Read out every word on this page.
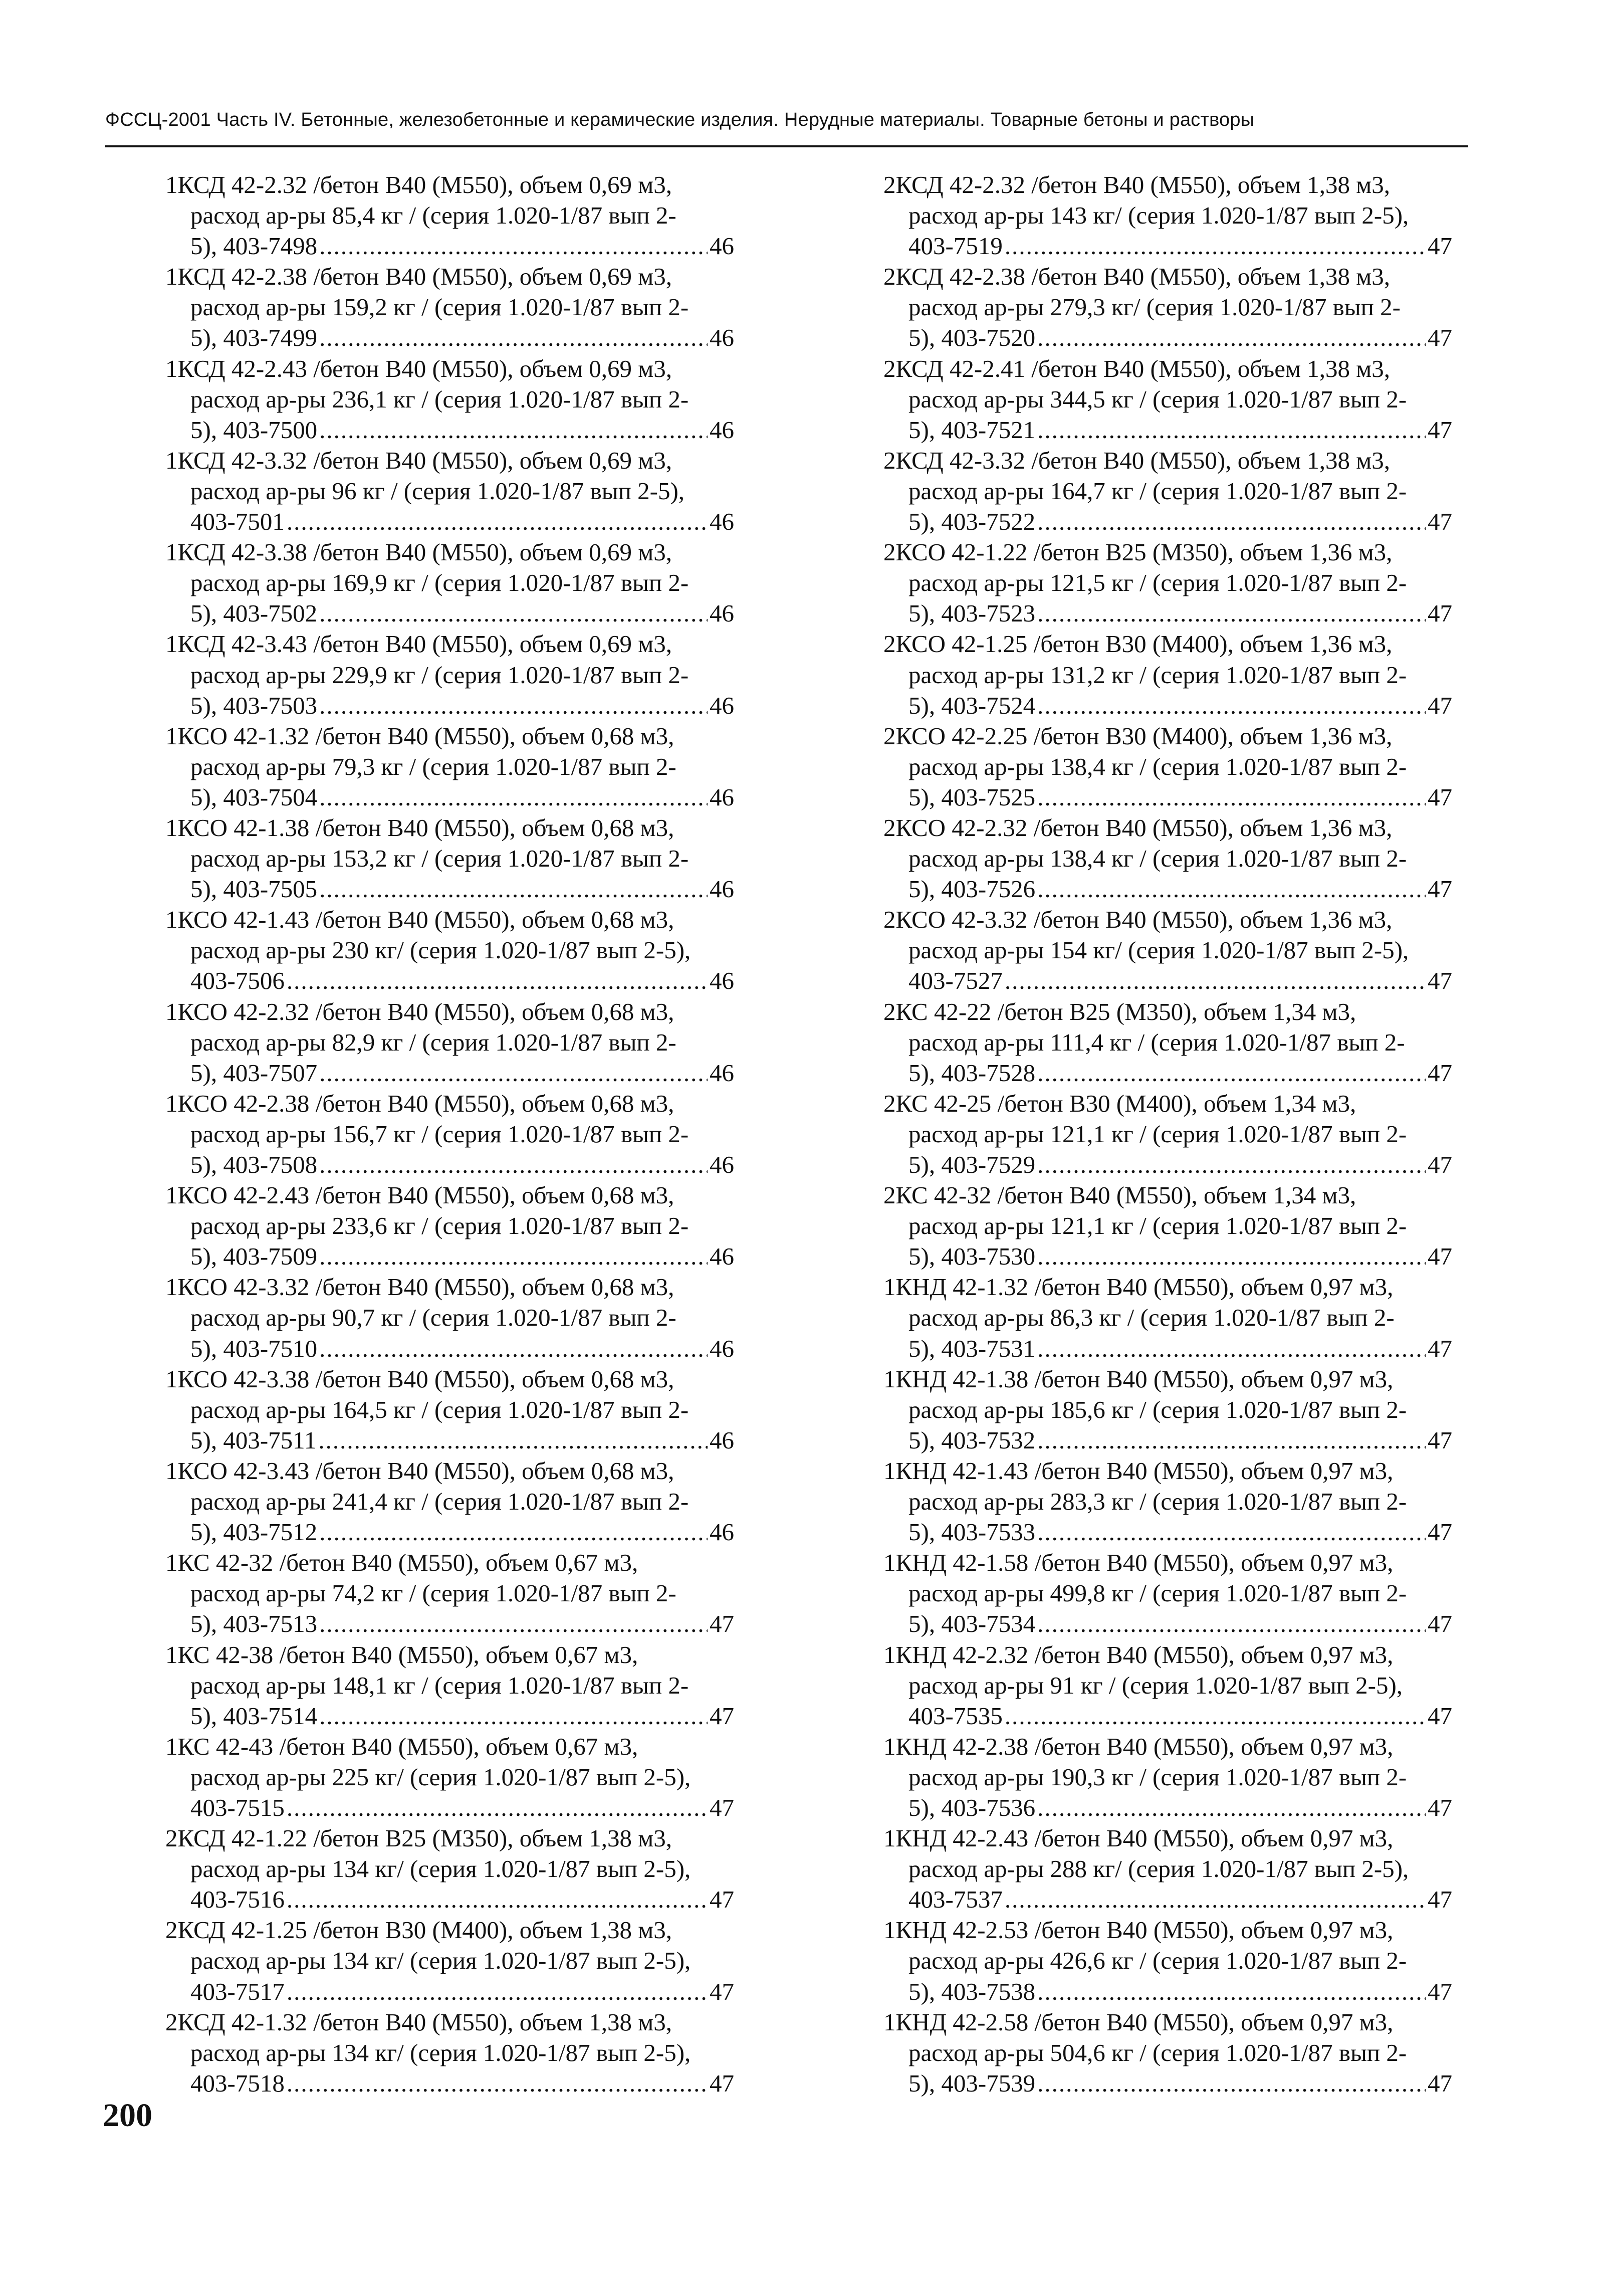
ФССЦ-2001 Часть IV. Бетонные, железобетонные и керамические изделия. Нерудные материалы. Товарные бетоны и растворы
1КСД 42-2.32 /бетон В40 (М550), объем 0,69 м3,
расход ар-ры 85,4 кг / (серия 1.020-1/87 вып 2-
5), 403-7498 .....	46
1КСД 42-2.38 /бетон В40 (М550), объем 0,69 м3,
расход ар-ры 159,2 кг / (серия 1.020-1/87 вып 2-
5), 403-7499 .....	46
1КСД 42-2.43 /бетон В40 (М550), объем 0,69 м3,
расход ар-ры 236,1 кг / (серия 1.020-1/87 вып 2-
5), 403-7500 .....	46
1КСД 42-3.32 /бетон В40 (М550), объем 0,69 м3,
расход ар-ры 96 кг / (серия 1.020-1/87 вып 2-5),
403-7501 .....	46
1КСД 42-3.38 /бетон В40 (М550), объем 0,69 м3,
расход ар-ры 169,9 кг / (серия 1.020-1/87 вып 2-
5), 403-7502 .....	46
1КСД 42-3.43 /бетон В40 (М550), объем 0,69 м3,
расход ар-ры 229,9 кг / (серия 1.020-1/87 вып 2-
5), 403-7503 .....	46
1КСО 42-1.32 /бетон В40 (М550), объем 0,68 м3,
расход ар-ры 79,3 кг / (серия 1.020-1/87 вып 2-
5), 403-7504 .....	46
1КСО 42-1.38 /бетон В40 (М550), объем 0,68 м3,
расход ар-ры 153,2 кг / (серия 1.020-1/87 вып 2-
5), 403-7505 .....	46
1КСО 42-1.43 /бетон В40 (М550), объем 0,68 м3,
расход ар-ры 230 кг/ (серия 1.020-1/87 вып 2-5),
403-7506 .....	46
1КСО 42-2.32 /бетон В40 (М550), объем 0,68 м3,
расход ар-ры 82,9 кг / (серия 1.020-1/87 вып 2-
5), 403-7507 .....	46
1КСО 42-2.38 /бетон В40 (М550), объем 0,68 м3,
расход ар-ры 156,7 кг / (серия 1.020-1/87 вып 2-
5), 403-7508 .....	46
1КСО 42-2.43 /бетон В40 (М550), объем 0,68 м3,
расход ар-ры 233,6 кг / (серия 1.020-1/87 вып 2-
5), 403-7509 .....	46
1КСО 42-3.32 /бетон В40 (М550), объем 0,68 м3,
расход ар-ры 90,7 кг / (серия 1.020-1/87 вып 2-
5), 403-7510 .....	46
1КСО 42-3.38 /бетон В40 (М550), объем 0,68 м3,
расход ар-ры 164,5 кг / (серия 1.020-1/87 вып 2-
5), 403-7511 .....	46
1КСО 42-3.43 /бетон В40 (М550), объем 0,68 м3,
расход ар-ры 241,4 кг / (серия 1.020-1/87 вып 2-
5), 403-7512 .....	46
1КС 42-32 /бетон В40 (М550), объем 0,67 м3,
расход ар-ры 74,2 кг / (серия 1.020-1/87 вып 2-
5), 403-7513 .....	47
1КС 42-38 /бетон В40 (М550), объем 0,67 м3,
расход ар-ры 148,1 кг / (серия 1.020-1/87 вып 2-
5), 403-7514 .....	47
1КС 42-43 /бетон В40 (М550), объем 0,67 м3,
расход ар-ры 225 кг/ (серия 1.020-1/87 вып 2-5),
403-7515 .....	47
2КСД 42-1.22 /бетон В25 (М350), объем 1,38 м3,
расход ар-ры 134 кг/ (серия 1.020-1/87 вып 2-5),
403-7516 .....	47
2КСД 42-1.25 /бетон В30 (М400), объем 1,38 м3,
расход ар-ры 134 кг/ (серия 1.020-1/87 вып 2-5),
403-7517 .....	47
2КСД 42-1.32 /бетон В40 (М550), объем 1,38 м3,
расход ар-ры 134 кг/ (серия 1.020-1/87 вып 2-5),
403-7518 .....	47
2КСД 42-2.32 /бетон В40 (М550), объем 1,38 м3,
расход ар-ры 143 кг/ (серия 1.020-1/87 вып 2-5),
403-7519 .....	47
2КСД 42-2.38 /бетон В40 (М550), объем 1,38 м3,
расход ар-ры 279,3 кг/ (серия 1.020-1/87 вып 2-
5), 403-7520 .....	47
2КСД 42-2.41 /бетон В40 (М550), объем 1,38 м3,
расход ар-ры 344,5 кг / (серия 1.020-1/87 вып 2-
5), 403-7521 .....	47
2КСД 42-3.32 /бетон В40 (М550), объем 1,38 м3,
расход ар-ры 164,7 кг / (серия 1.020-1/87 вып 2-
5), 403-7522 .....	47
2КСО 42-1.22 /бетон В25 (М350), объем 1,36 м3,
расход ар-ры 121,5 кг / (серия 1.020-1/87 вып 2-
5), 403-7523 .....	47
2КСО 42-1.25 /бетон В30 (М400), объем 1,36 м3,
расход ар-ры 131,2 кг / (серия 1.020-1/87 вып 2-
5), 403-7524 .....	47
2КСО 42-2.25 /бетон В30 (М400), объем 1,36 м3,
расход ар-ры 138,4 кг / (серия 1.020-1/87 вып 2-
5), 403-7525 .....	47
2КСО 42-2.32 /бетон В40 (М550), объем 1,36 м3,
расход ар-ры 138,4 кг / (серия 1.020-1/87 вып 2-
5), 403-7526 .....	47
2КСО 42-3.32 /бетон В40 (М550), объем 1,36 м3,
расход ар-ры 154 кг/ (серия 1.020-1/87 вып 2-5),
403-7527 .....	47
2КС 42-22 /бетон В25 (М350), объем 1,34 м3,
расход ар-ры 111,4 кг / (серия 1.020-1/87 вып 2-
5), 403-7528 .....	47
2КС 42-25 /бетон В30 (М400), объем 1,34 м3,
расход ар-ры 121,1 кг / (серия 1.020-1/87 вып 2-
5), 403-7529 .....	47
2КС 42-32 /бетон В40 (М550), объем 1,34 м3,
расход ар-ры 121,1 кг / (серия 1.020-1/87 вып 2-
5), 403-7530 .....	47
1КНД 42-1.32 /бетон В40 (М550), объем 0,97 м3,
расход ар-ры 86,3 кг / (серия 1.020-1/87 вып 2-
5), 403-7531 .....	47
1КНД 42-1.38 /бетон В40 (М550), объем 0,97 м3,
расход ар-ры 185,6 кг / (серия 1.020-1/87 вып 2-
5), 403-7532 .....	47
1КНД 42-1.43 /бетон В40 (М550), объем 0,97 м3,
расход ар-ры 283,3 кг / (серия 1.020-1/87 вып 2-
5), 403-7533 .....	47
1КНД 42-1.58 /бетон В40 (М550), объем 0,97 м3,
расход ар-ры 499,8 кг / (серия 1.020-1/87 вып 2-
5), 403-7534 .....	47
1КНД 42-2.32 /бетон В40 (М550), объем 0,97 м3,
расход ар-ры 91 кг / (серия 1.020-1/87 вып 2-5),
403-7535 .....	47
1КНД 42-2.38 /бетон В40 (М550), объем 0,97 м3,
расход ар-ры 190,3 кг / (серия 1.020-1/87 вып 2-
5), 403-7536 .....	47
1КНД 42-2.43 /бетон В40 (М550), объем 0,97 м3,
расход ар-ры 288 кг/ (серия 1.020-1/87 вып 2-5),
403-7537 .....	47
1КНД 42-2.53 /бетон В40 (М550), объем 0,97 м3,
расход ар-ры 426,6 кг / (серия 1.020-1/87 вып 2-
5), 403-7538 .....	47
1КНД 42-2.58 /бетон В40 (М550), объем 0,97 м3,
расход ар-ры 504,6 кг / (серия 1.020-1/87 вып 2-
5), 403-7539 .....	47
200
